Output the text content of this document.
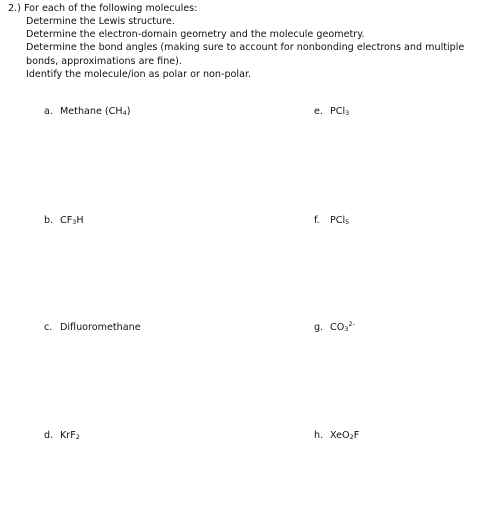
2.) For each of the following molecules:
Determine the Lewis structure.
Determine the electron-domain geometry and the molecule geometry.
Determine the bond angles (making sure to account for nonbonding electrons and multiple bonds, approximations are fine).
Identify the molecule/ion as polar or non-polar.
a. Methane $(CH_4)$
b. $CF_3H$
c. Difluoromethane
d. KrF$_2$
e. PCl$_3$
f. PCl$_5$
g. $CO_3^{2-}$
h. XeO$_2$F
